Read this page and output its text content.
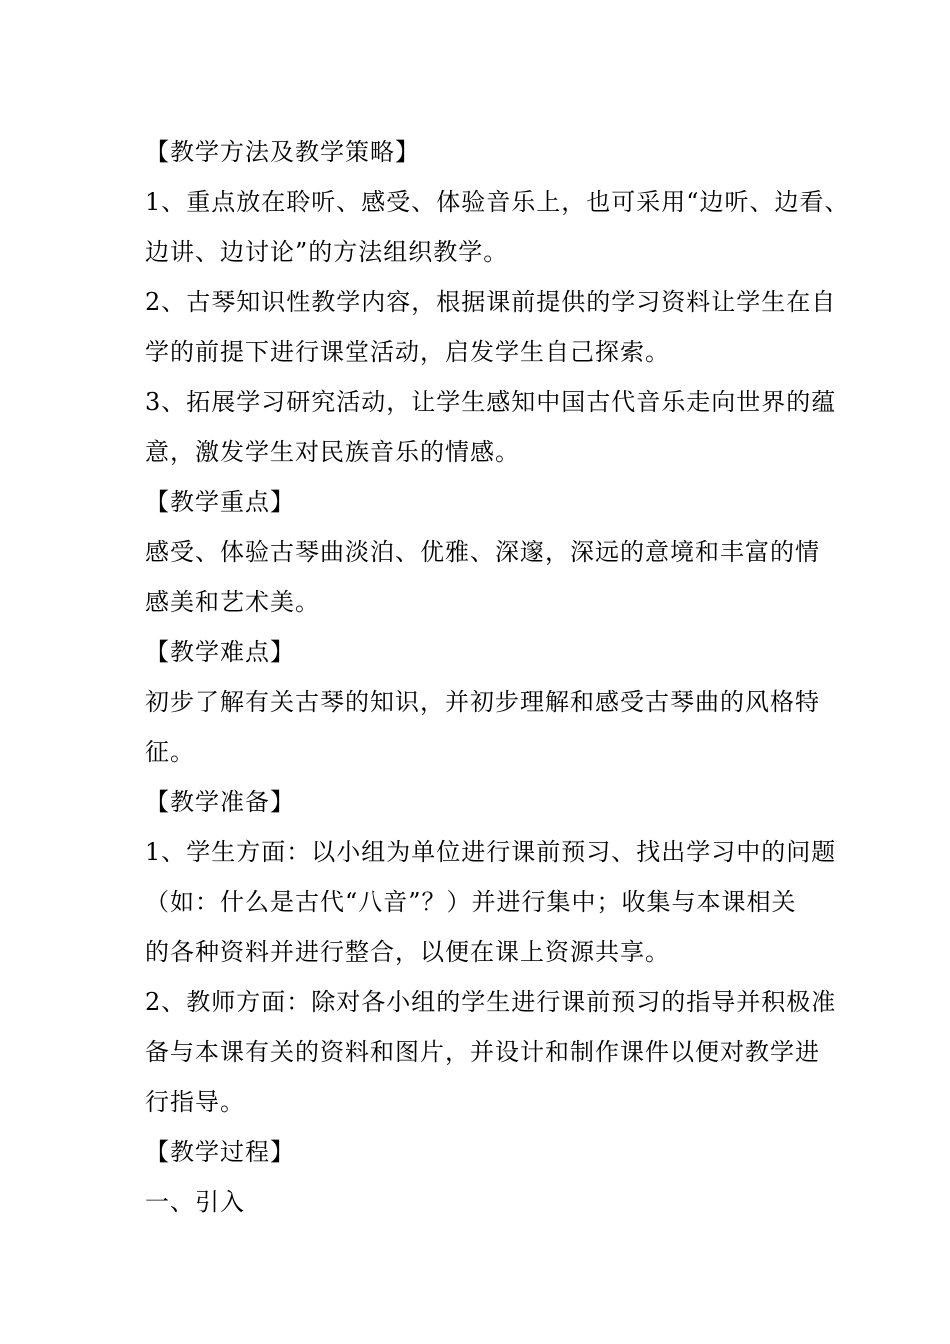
【教学方法及教学策略】
1、重点放在聆听、感受、体验音乐上，也可采用“边听、边看、
边讲、边讨论”的方法组织教学。
2、古琴知识性教学内容，根据课前提供的学习资料让学生在自
学的前提下进行课堂活动，启发学生自己探索。
3、拓展学习研究活动，让学生感知中国古代音乐走向世界的蕴
意，激发学生对民族音乐的情感。
【教学重点】
感受、体验古琴曲淡泊、优雅、深邃，深远的意境和丰富的情
感美和艺术美。
【教学难点】
初步了解有关古琴的知识，并初步理解和感受古琴曲的风格特
征。
【教学准备】
1、学生方面：以小组为单位进行课前预习、找出学习中的问题
（如：什么是古代“八音”？）并进行集中；收集与本课相关
的各种资料并进行整合，以便在课上资源共享。
2、教师方面：除对各小组的学生进行课前预习的指导并积极准
备与本课有关的资料和图片，并设计和制作课件以便对教学进
行指导。
【教学过程】
一、引入
